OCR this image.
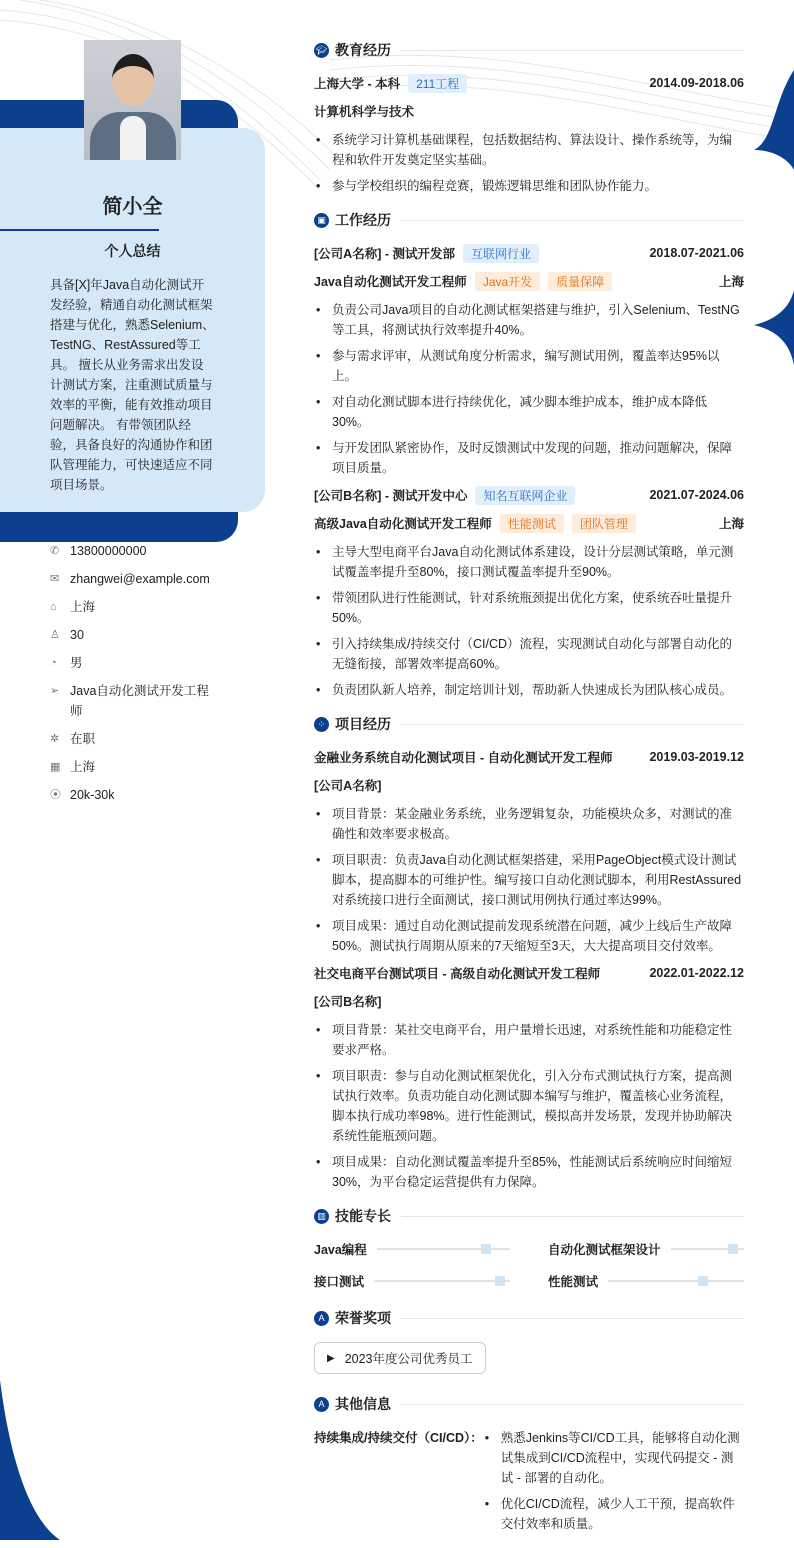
简小全
个人总结
具备[X]年Java自动化测试开发经验，精通自动化测试框架搭建与优化，熟悉Selenium、TestNG、RestAssured等工具。 擅长从业务需求出发设计测试方案，注重测试质量与效率的平衡，能有效推动项目问题解决。 有带领团队经验，具备良好的沟通协作和团队管理能力，可快速适应不同项目场景。
✆ 13800000000
✉ zhangwei@example.com
⌂	上海
♙ 30
◔	男
➢ Java自动化测试开发工程师
✲ 在职
▦ 上海
⦿ 20k-30k
🎓︎ 教育经历
上海大学 - 本科	211工程	2014.09-2018.06
计算机科学与技术
• 系统学习计算机基础课程，包括数据结构、算法设计、操作系统等，为编程和软件开发奠定坚实基础。
• 参与学校组织的编程竞赛，锻炼逻辑思维和团队协作能力。
▣ 工作经历
[公司A名称] - 测试开发部	互联网行业	2018.07-2021.06
Java自动化测试开发工程师	Java开发	质量保障	上海
• 负责公司Java项目的自动化测试框架搭建与维护，引入Selenium、TestNG等工具，将测试执行效率提升40%。
• 参与需求评审，从测试角度分析需求，编写测试用例，覆盖率达95%以上。
• 对自动化测试脚本进行持续优化，减少脚本维护成本，维护成本降低30%。
• 与开发团队紧密协作，及时反馈测试中发现的问题，推动问题解决，保障项目质量。
[公司B名称] - 测试开发中心	知名互联网企业	2021.07-2024.06
高级Java自动化测试开发工程师	性能测试	团队管理	上海
• 主导大型电商平台Java自动化测试体系建设，设计分层测试策略，单元测试覆盖率提升至80%，接口测试覆盖率提升至90%。
• 带领团队进行性能测试，针对系统瓶颈提出优化方案，使系统吞吐量提升50%。
• 引入持续集成/持续交付（CI/CD）流程，实现测试自动化与部署自动化的无缝衔接，部署效率提高60%。
• 负责团队新人培养，制定培训计划，帮助新人快速成长为团队核心成员。
⁘ 项目经历
金融业务系统自动化测试项目 - 自动化测试开发工程师	2019.03-2019.12
[公司A名称]
• 项目背景：某金融业务系统，业务逻辑复杂，功能模块众多，对测试的准确性和效率要求极高。
• 项目职责：负责Java自动化测试框架搭建，采用PageObject模式设计测试脚本，提高脚本的可维护性。编写接口自动化测试脚本，利用RestAssured对系统接口进行全面测试，接口测试用例执行通过率达99%。
• 项目成果：通过自动化测试提前发现系统潜在问题，减少上线后生产故障50%。测试执行周期从原来的7天缩短至3天，大大提高项目交付效率。
社交电商平台测试项目 - 高级自动化测试开发工程师	2022.01-2022.12
[公司B名称]
• 项目背景：某社交电商平台，用户量增长迅速，对系统性能和功能稳定性要求严格。
• 项目职责：参与自动化测试框架优化，引入分布式测试执行方案，提高测试执行效率。负责功能自动化测试脚本编写与维护，覆盖核心业务流程，脚本执行成功率98%。进行性能测试，模拟高并发场景，发现并协助解决系统性能瓶颈问题。
• 项目成果：自动化测试覆盖率提升至85%，性能测试后系统响应时间缩短30%，为平台稳定运营提供有力保障。
▥ 技能专长
Java编程	自动化测试框架设计
接口测试	性能测试
A 荣誉奖项
▶ 2023年度公司优秀员工
A 其他信息
持续集成/持续交付（CI/CD）：	• 熟悉Jenkins等CI/CD工具，能够将自动化测试集成到CI/CD流程中，实现代码提交 - 测试 - 部署的自动化。
• 优化CI/CD流程，减少人工干预，提高软件交付效率和质量。
